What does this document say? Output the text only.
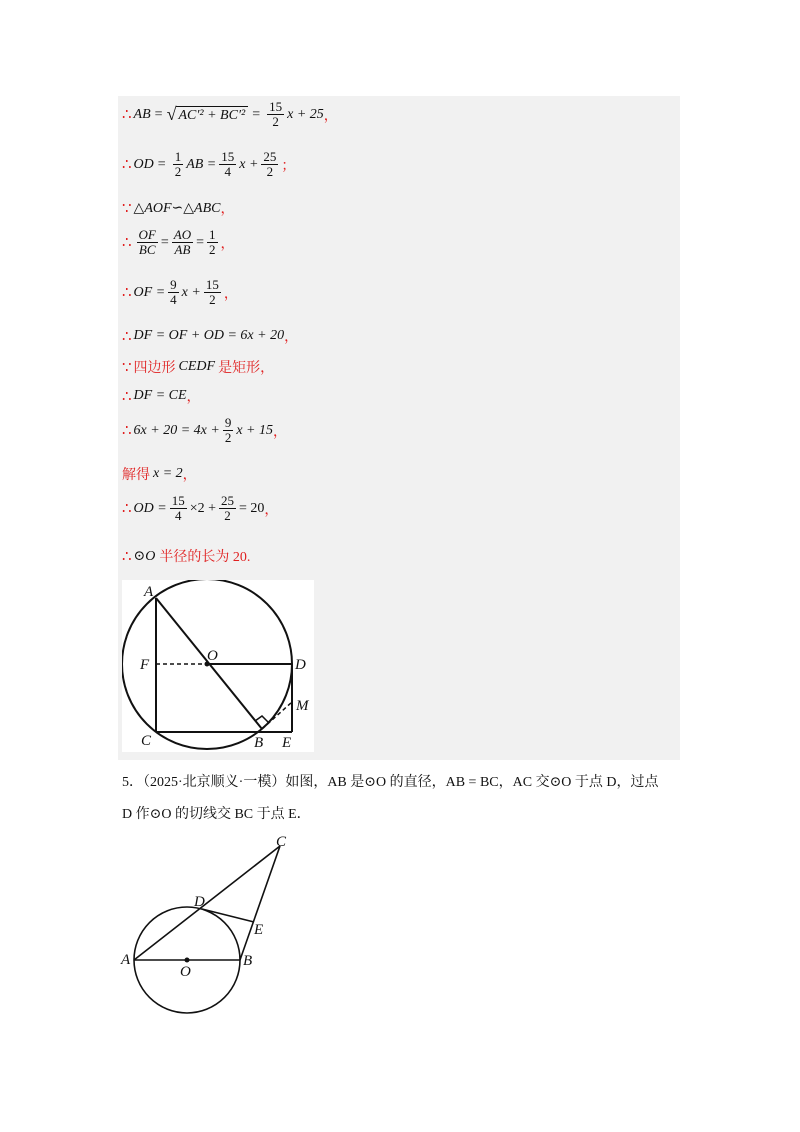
∴ AB = √ $AC'^2 + BC'^2 = \frac{15}{2}$ x + 25 ，
∴ OD = $\frac{1}{2}$ AB = $\frac{15}{4}$ $x + \frac{25}{2}$ ；
∵ △AOF∽△ABC ，
∴ $\frac{OF}{BC} = \frac{AO}{AB} = \frac{1}{2}$ ，
∴ OF = $\frac{9}{4}$ $x + \frac{15}{2}$ ，
∴ DF = OF + OD = 6x + 20 ，
∵ 四边形 CEDF 是矩形，
∴ DF = CE ，
∴ $6x + 20 = 4x + \frac{9}{2}$ x + 15 ，
解得 x = 2 ，
∴ OD = $\frac{15}{4} \times 2 + \frac{25}{2} = 20$ ，
∴ ⊙O 半径的长为 20.
A
O
F	D
M
C	B E
5．（2025·北京顺义·一模）如图，AB 是⊙O 的直径，AB = BC，AC 交⊙O 于点 D，过点
D 作⊙O 的切线交 BC 于点 E．
A	B
C
D
E
O
